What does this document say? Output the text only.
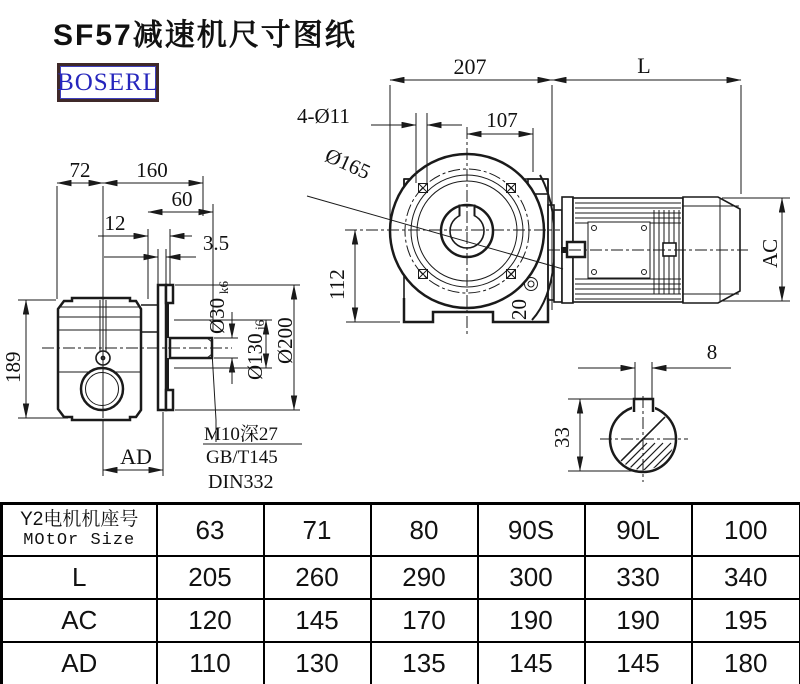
72 160
60
12
3.5
189
AD
Ø30
k6
Ø130
j6 Ø200
M10深27
GB/T145
DIN332
207	L
4-Ø11	107
Ø165
112
20
AC
8
33
SF57减速机尺寸图纸
BOSERL
Y2电机机座号
MOtOr Size	63	71	80	90S	90L	100
L	205	260	290	300	330	340
AC	120	145	170	190	190	195
AD	110	130	135	145	145	180
